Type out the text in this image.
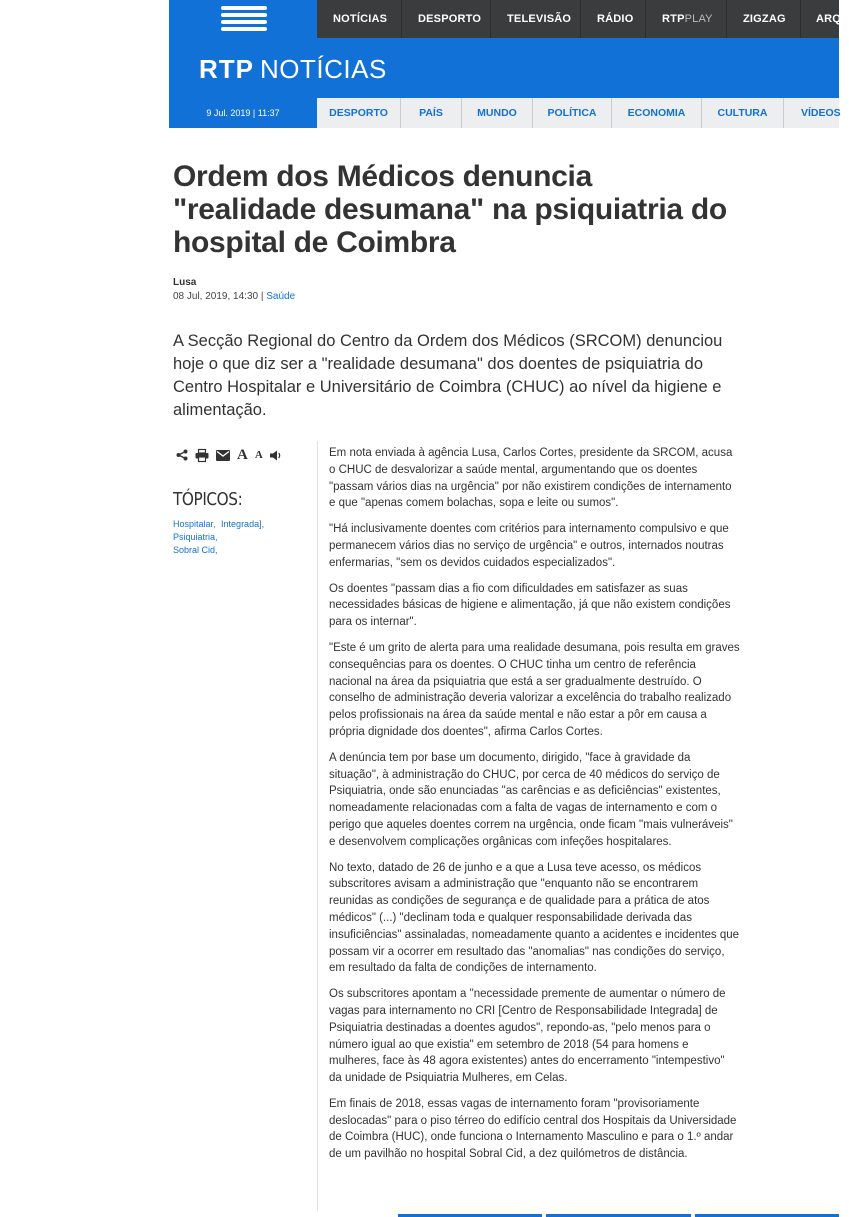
NOTÍCIAS	DESPORTO TELEVISÃO RÁDIO	RTP PLAY	ZIGZAG	ARQU
RTP NOTÍCIAS
9 Jul. 2019 | 11:37	DESPORTO	PAÍS	MUNDO	POLÍTICA	ECONOMIA	CULTURA	VÍDEOS
Ordem dos Médicos denuncia "realidade desumana" na psiquiatria do hospital de Coimbra
Lusa
08 Jul, 2019, 14:30 | Saúde

A Secção Regional do Centro da Ordem dos Médicos (SRCOM) denunciou hoje o que diz ser a "realidade desumana" dos doentes de psiquiatria do Centro Hospitalar e Universitário de Coimbra (CHUC) ao nível da higiene e alimentação.

A A
TÓPICOS:
Hospitalar, Integrada], Psiquiatria,
Sobral Cid,

Em nota enviada à agência Lusa, Carlos Cortes, presidente da SRCOM, acusa o CHUC de desvalorizar a saúde mental, argumentando que os doentes "passam vários dias na urgência" por não existirem condições de internamento e que "apenas comem bolachas, sopa e leite ou sumos".

"Há inclusivamente doentes com critérios para internamento compulsivo e que permanecem vários dias no serviço de urgência" e outros, internados noutras enfermarias, "sem os devidos cuidados especializados".

Os doentes "passam dias a fio com dificuldades em satisfazer as suas necessidades básicas de higiene e alimentação, já que não existem condições para os internar".

"Este é um grito de alerta para uma realidade desumana, pois resulta em graves consequências para os doentes. O CHUC tinha um centro de referência nacional na área da psiquiatria que está a ser gradualmente destruído. O conselho de administração deveria valorizar a excelência do trabalho realizado pelos profissionais na área da saúde mental e não estar a pôr em causa a própria dignidade dos doentes", afirma Carlos Cortes.

A denúncia tem por base um documento, dirigido, "face à gravidade da situação", à administração do CHUC, por cerca de 40 médicos do serviço de Psiquiatria, onde são enunciadas "as carências e as deficiências" existentes, nomeadamente relacionadas com a falta de vagas de internamento e com o perigo que aqueles doentes correm na urgência, onde ficam "mais vulneráveis" e desenvolvem complicações orgânicas com infeções hospitalares.

No texto, datado de 26 de junho e a que a Lusa teve acesso, os médicos subscritores avisam a administração que "enquanto não se encontrarem reunidas as condições de segurança e de qualidade para a prática de atos médicos" (...) "declinam toda e qualquer responsabilidade derivada das insuficiências" assinaladas, nomeadamente quanto a acidentes e incidentes que possam vir a ocorrer em resultado das "anomalias" nas condições do serviço, em resultado da falta de condições de internamento.

Os subscritores apontam a "necessidade premente de aumentar o número de vagas para internamento no CRI [Centro de Responsabilidade Integrada] de Psiquiatria destinadas a doentes agudos", repondo-as, "pelo menos para o número igual ao que existia" em setembro de 2018 (54 para homens e mulheres, face às 48 agora existentes) antes do encerramento "intempestivo" da unidade de Psiquiatria Mulheres, em Celas.

Em finais de 2018, essas vagas de internamento foram "provisoriamente deslocadas" para o piso térreo do edifício central dos Hospitais da Universidade de Coimbra (HUC), onde funciona o Internamento Masculino e para o 1.º andar de um pavilhão no hospital Sobral Cid, a dez quilómetros de distância.
